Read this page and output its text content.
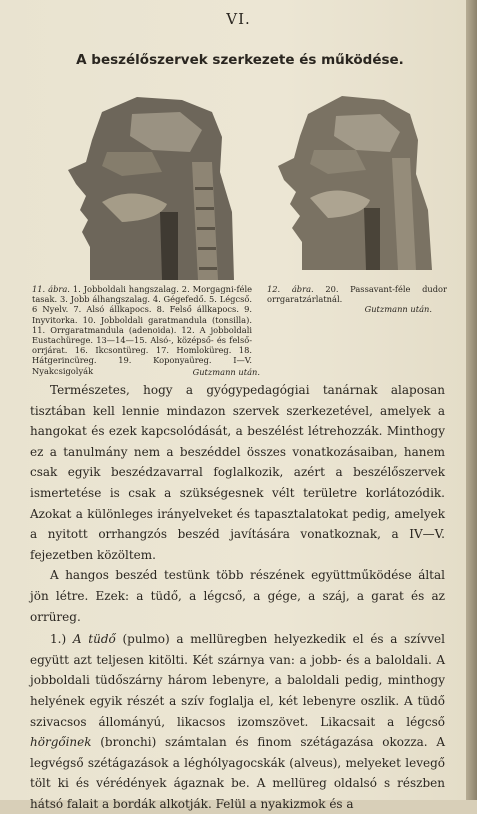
VI.
A beszélőszervek szerkezete és működése.
11. ábra. 1. Jobboldali hangszalag. 2. Morgagni-féle tasak. 3. Jobb álhangszalag. 4. Gégefedő. 5. Légcső. 6 Nyelv. 7. Alsó állkapocs. 8. Felső állkapocs. 9. Inyvitorka. 10. Jobboldali garatmandula (tonsilla). 11. Orrgaratmandula (adenoida). 12. A jobboldali Eustachürege. 13—14—15. Alsó-, középső- és felső-orrjárat. 16. Ikcsontüreg. 17. Homloküreg. 18. Hátgerincüreg. 19. Koponyaüreg. I—V. Nyakcsigolyák	Gutzmann után.
12. ábra. 20. Passavant-féle dudor orrgaratzárlatnál.
Gutzmann után.

Természetes, hogy a gyógypedagógiai tanárnak alaposan tisztában kell lennie mindazon szervek szerkezetével, amelyek a hangokat és ezek kapcsolódását, a beszélést létrehozzák. Minthogy ez a tanulmány nem a beszéddel összes vonatkozásaiban, hanem csak egyik beszédzavarral foglalkozik, azért a beszélőszervek ismertetése is csak a szükségesnek vélt területre korlátozódik. Azokat a különleges irányelveket és tapasztalatokat pedig, amelyek a nyitott orrhangzós beszéd javítására vonatkoznak, a IV—V. fejezetben közöltem.

A hangos beszéd testünk több részének együttműködése által jön létre. Ezek: a tüdő, a légcső, a gége, a száj, a garat és az orrüreg.

1.) A tüdő (pulmo) a mellüregben helyezkedik el és a szívvel együtt azt teljesen kitölti. Két szárnya van: a jobb- és a baloldali. A jobboldali tüdőszárny három lebenyre, a baloldali pedig, minthogy helyének egyik részét a szív foglalja el, két lebenyre oszlik. A tüdő szivacsos állományú, likacsos izomszövet. Likacsait a légcső hörgőinek (bronchi) számtalan és finom szétágazása okozza. A legvégső szétágazások a léghólyagocskák (alveus), melyeket levegő tölt ki és vérédények ágaznak be. A mellüreg oldalsó s részben hátsó falait a bordák alkotják. Felül a nyakizmok és a
